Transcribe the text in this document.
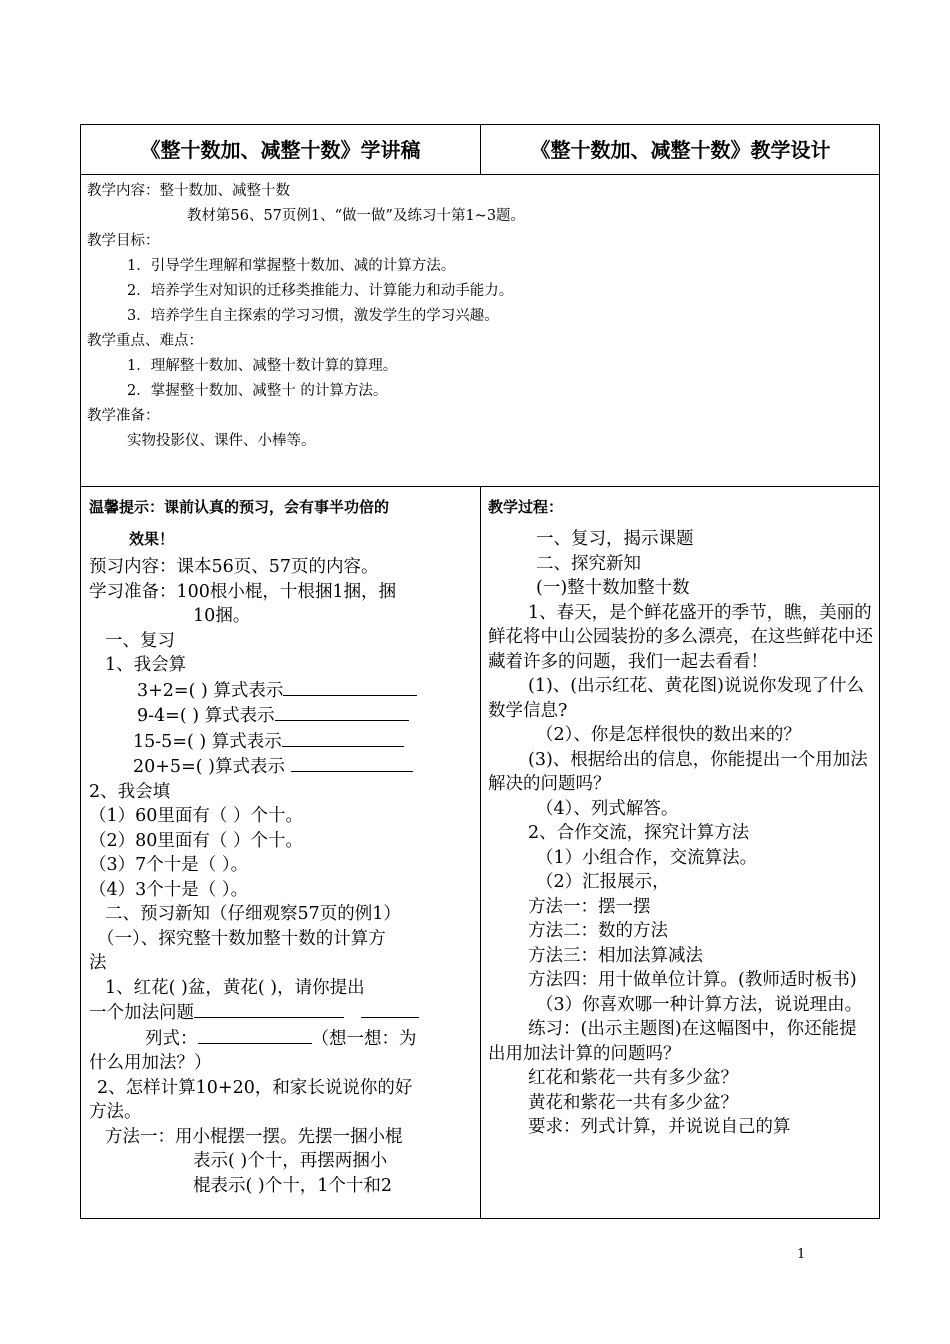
《整十数加、减整十数》学讲稿	《整十数加、减整十数》教学设计
教学内容：整十数加、减整十数
教材第56、57页例1、“做一做”及练习十第1~3题。
教学目标：
1．引导学生理解和掌握整十数加、减的计算方法。
2．培养学生对知识的迁移类推能力、计算能力和动手能力。
3．培养学生自主探索的学习习惯，激发学生的学习兴趣。
教学重点、难点：
1．理解整十数加、减整十数计算的算理。
2．掌握整十数加、减整十 的计算方法。
教学准备：
实物投影仪、课件、小棒等。
温馨提示：课前认真的预习，会有事半功倍的
效果！
预习内容：课本56页、57页的内容。
学习准备：100根小棍，十根捆1捆，捆
10捆。
一、复习
1、我会算
3+2=( ) 算式表示
9-4=( ) 算式表示
15-5=( ) 算式表示
20+5=( )算式表示
2、我会填
（1）60里面有（ ）个十。
（2）80里面有（ ）个十。
（3）7个十是（ ）。
（4）3个十是（ ）。
二、预习新知（仔细观察57页的例1）
（一）、探究整十数加整十数的计算方
法
1、红花( )盆，黄花( )，请你提出
一个加法问题
列式：	（想一想：为
什么用加法？）
2、怎样计算10+20，和家长说说你的好
方法。
方法一：用小棍摆一摆。先摆一捆小棍
表示( )个十，再摆两捆小
棍表示( )个十，1个十和2
教学过程：
一、复习，揭示课题
二、探究新知
(一)整十数加整十数
1、春天，是个鲜花盛开的季节，瞧，美丽的鲜花将中山公园装扮的多么漂亮，在这些鲜花中还藏着许多的问题，我们一起去看看！
(1)、(出示红花、黄花图)说说你发现了什么数学信息?
（2）、你是怎样很快的数出来的？
(3)、根据给出的信息，你能提出一个用加法解决的问题吗？
（4）、列式解答。
2、合作交流，探究计算方法
（1）小组合作，交流算法。
（2）汇报展示，
方法一：摆一摆
方法二：数的方法
方法三：相加法算减法
方法四：用十做单位计算。(教师适时板书)
（3）你喜欢哪一种计算方法，说说理由。
练习：(出示主题图)在这幅图中，你还能提出用加法计算的问题吗？
红花和紫花一共有多少盆？
黄花和紫花一共有多少盆？
要求：列式计算，并说说自己的算
1
